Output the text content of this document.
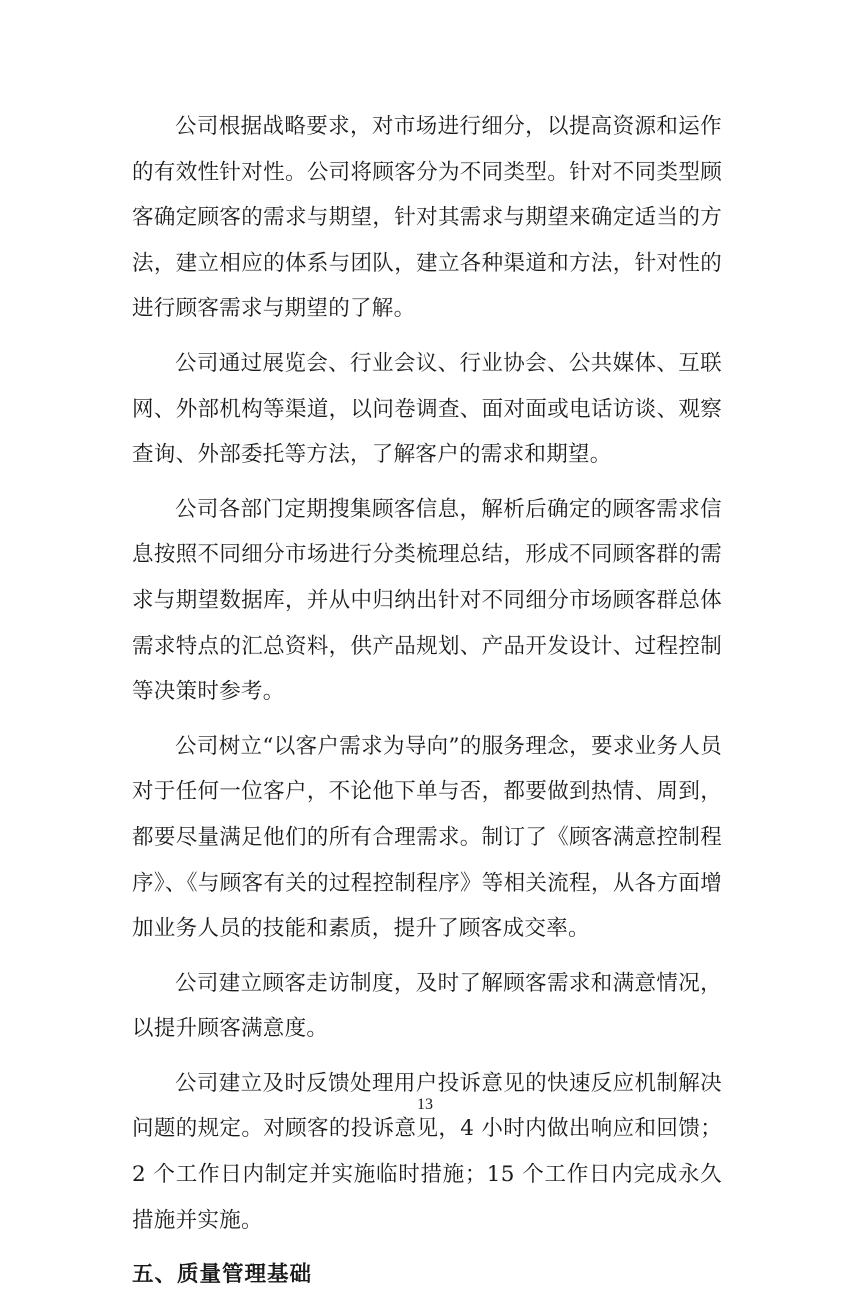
公司根据战略要求，对市场进行细分，以提高资源和运作的有效性针对性。公司将顾客分为不同类型。针对不同类型顾客确定顾客的需求与期望，针对其需求与期望来确定适当的方法，建立相应的体系与团队，建立各种渠道和方法，针对性的进行顾客需求与期望的了解。

公司通过展览会、行业会议、行业协会、公共媒体、互联网、外部机构等渠道，以问卷调查、面对面或电话访谈、观察查询、外部委托等方法，了解客户的需求和期望。

公司各部门定期搜集顾客信息，解析后确定的顾客需求信息按照不同细分市场进行分类梳理总结，形成不同顾客群的需求与期望数据库，并从中归纳出针对不同细分市场顾客群总体需求特点的汇总资料，供产品规划、产品开发设计、过程控制等决策时参考。

公司树立“以客户需求为导向”的服务理念，要求业务人员对于任何一位客户，不论他下单与否，都要做到热情、周到，都要尽量满足他们的所有合理需求。制订了《顾客满意控制程序》、《与顾客有关的过程控制程序》等相关流程，从各方面增加业务人员的技能和素质，提升了顾客成交率。

公司建立顾客走访制度，及时了解顾客需求和满意情况，以提升顾客满意度。

公司建立及时反馈处理用户投诉意见的快速反应机制解决问题的规定。对顾客的投诉意见，4 小时内做出响应和回馈；2 个工作日内制定并实施临时措施；15 个工作日内完成永久措施并实施。

五、质量管理基础
13
